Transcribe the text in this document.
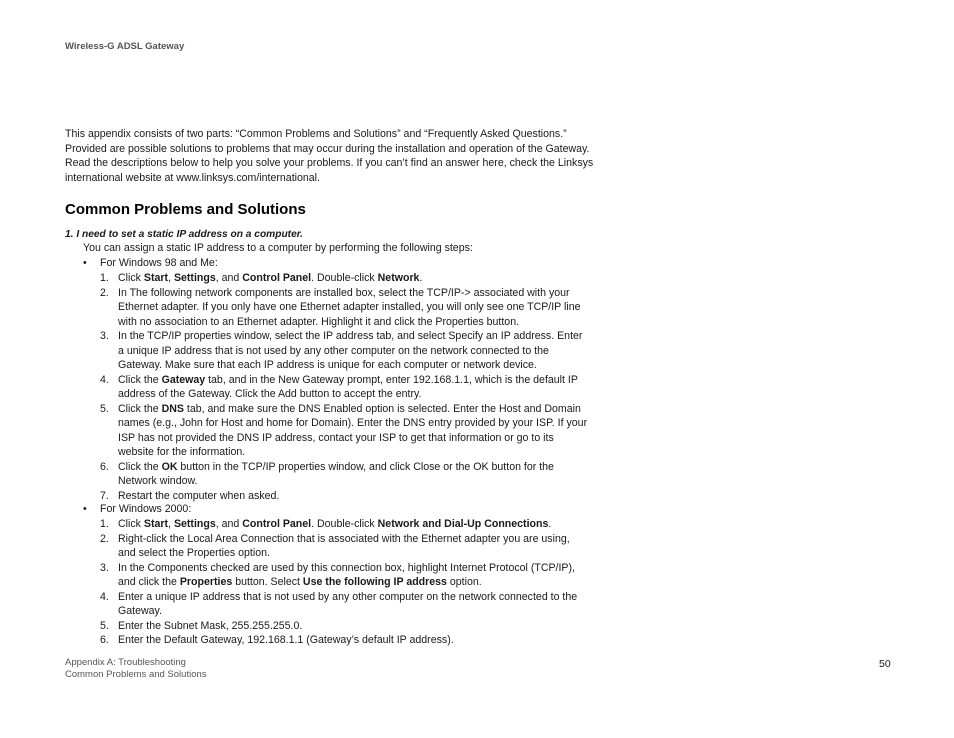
Wireless-G ADSL Gateway

This appendix consists of two parts: “Common Problems and Solutions” and “Frequently Asked Questions.” Provided are possible solutions to problems that may occur during the installation and operation of the Gateway. Read the descriptions below to help you solve your problems. If you can’t find an answer here, check the Linksys international website at www.linksys.com/international.

Common Problems and Solutions
1. I need to set a static IP address on a computer.
You can assign a static IP address to a computer by performing the following steps:
• For Windows 98 and Me:
1. Click Start, Settings, and Control Panel. Double-click Network.
2. In The following network components are installed box, select the TCP/IP-> associated with your Ethernet adapter. If you only have one Ethernet adapter installed, you will only see one TCP/IP line with no association to an Ethernet adapter. Highlight it and click the Properties button.
3. In the TCP/IP properties window, select the IP address tab, and select Specify an IP address. Enter a unique IP address that is not used by any other computer on the network connected to the Gateway. Make sure that each IP address is unique for each computer or network device.
4. Click the Gateway tab, and in the New Gateway prompt, enter 192.168.1.1, which is the default IP address of the Gateway. Click the Add button to accept the entry.
5. Click the DNS tab, and make sure the DNS Enabled option is selected. Enter the Host and Domain names (e.g., John for Host and home for Domain). Enter the DNS entry provided by your ISP. If your ISP has not provided the DNS IP address, contact your ISP to get that information or go to its website for the information.
6. Click the OK button in the TCP/IP properties window, and click Close or the OK button for the Network window.
7. Restart the computer when asked.
• For Windows 2000:
1. Click Start, Settings, and Control Panel. Double-click Network and Dial-Up Connections.
2. Right-click the Local Area Connection that is associated with the Ethernet adapter you are using, and select the Properties option.
3. In the Components checked are used by this connection box, highlight Internet Protocol (TCP/IP), and click the Properties button. Select Use the following IP address option.
4. Enter a unique IP address that is not used by any other computer on the network connected to the Gateway.
5. Enter the Subnet Mask, 255.255.255.0.
6. Enter the Default Gateway, 192.168.1.1 (Gateway’s default IP address).
Appendix A: Troubleshooting
Common Problems and Solutions
50
